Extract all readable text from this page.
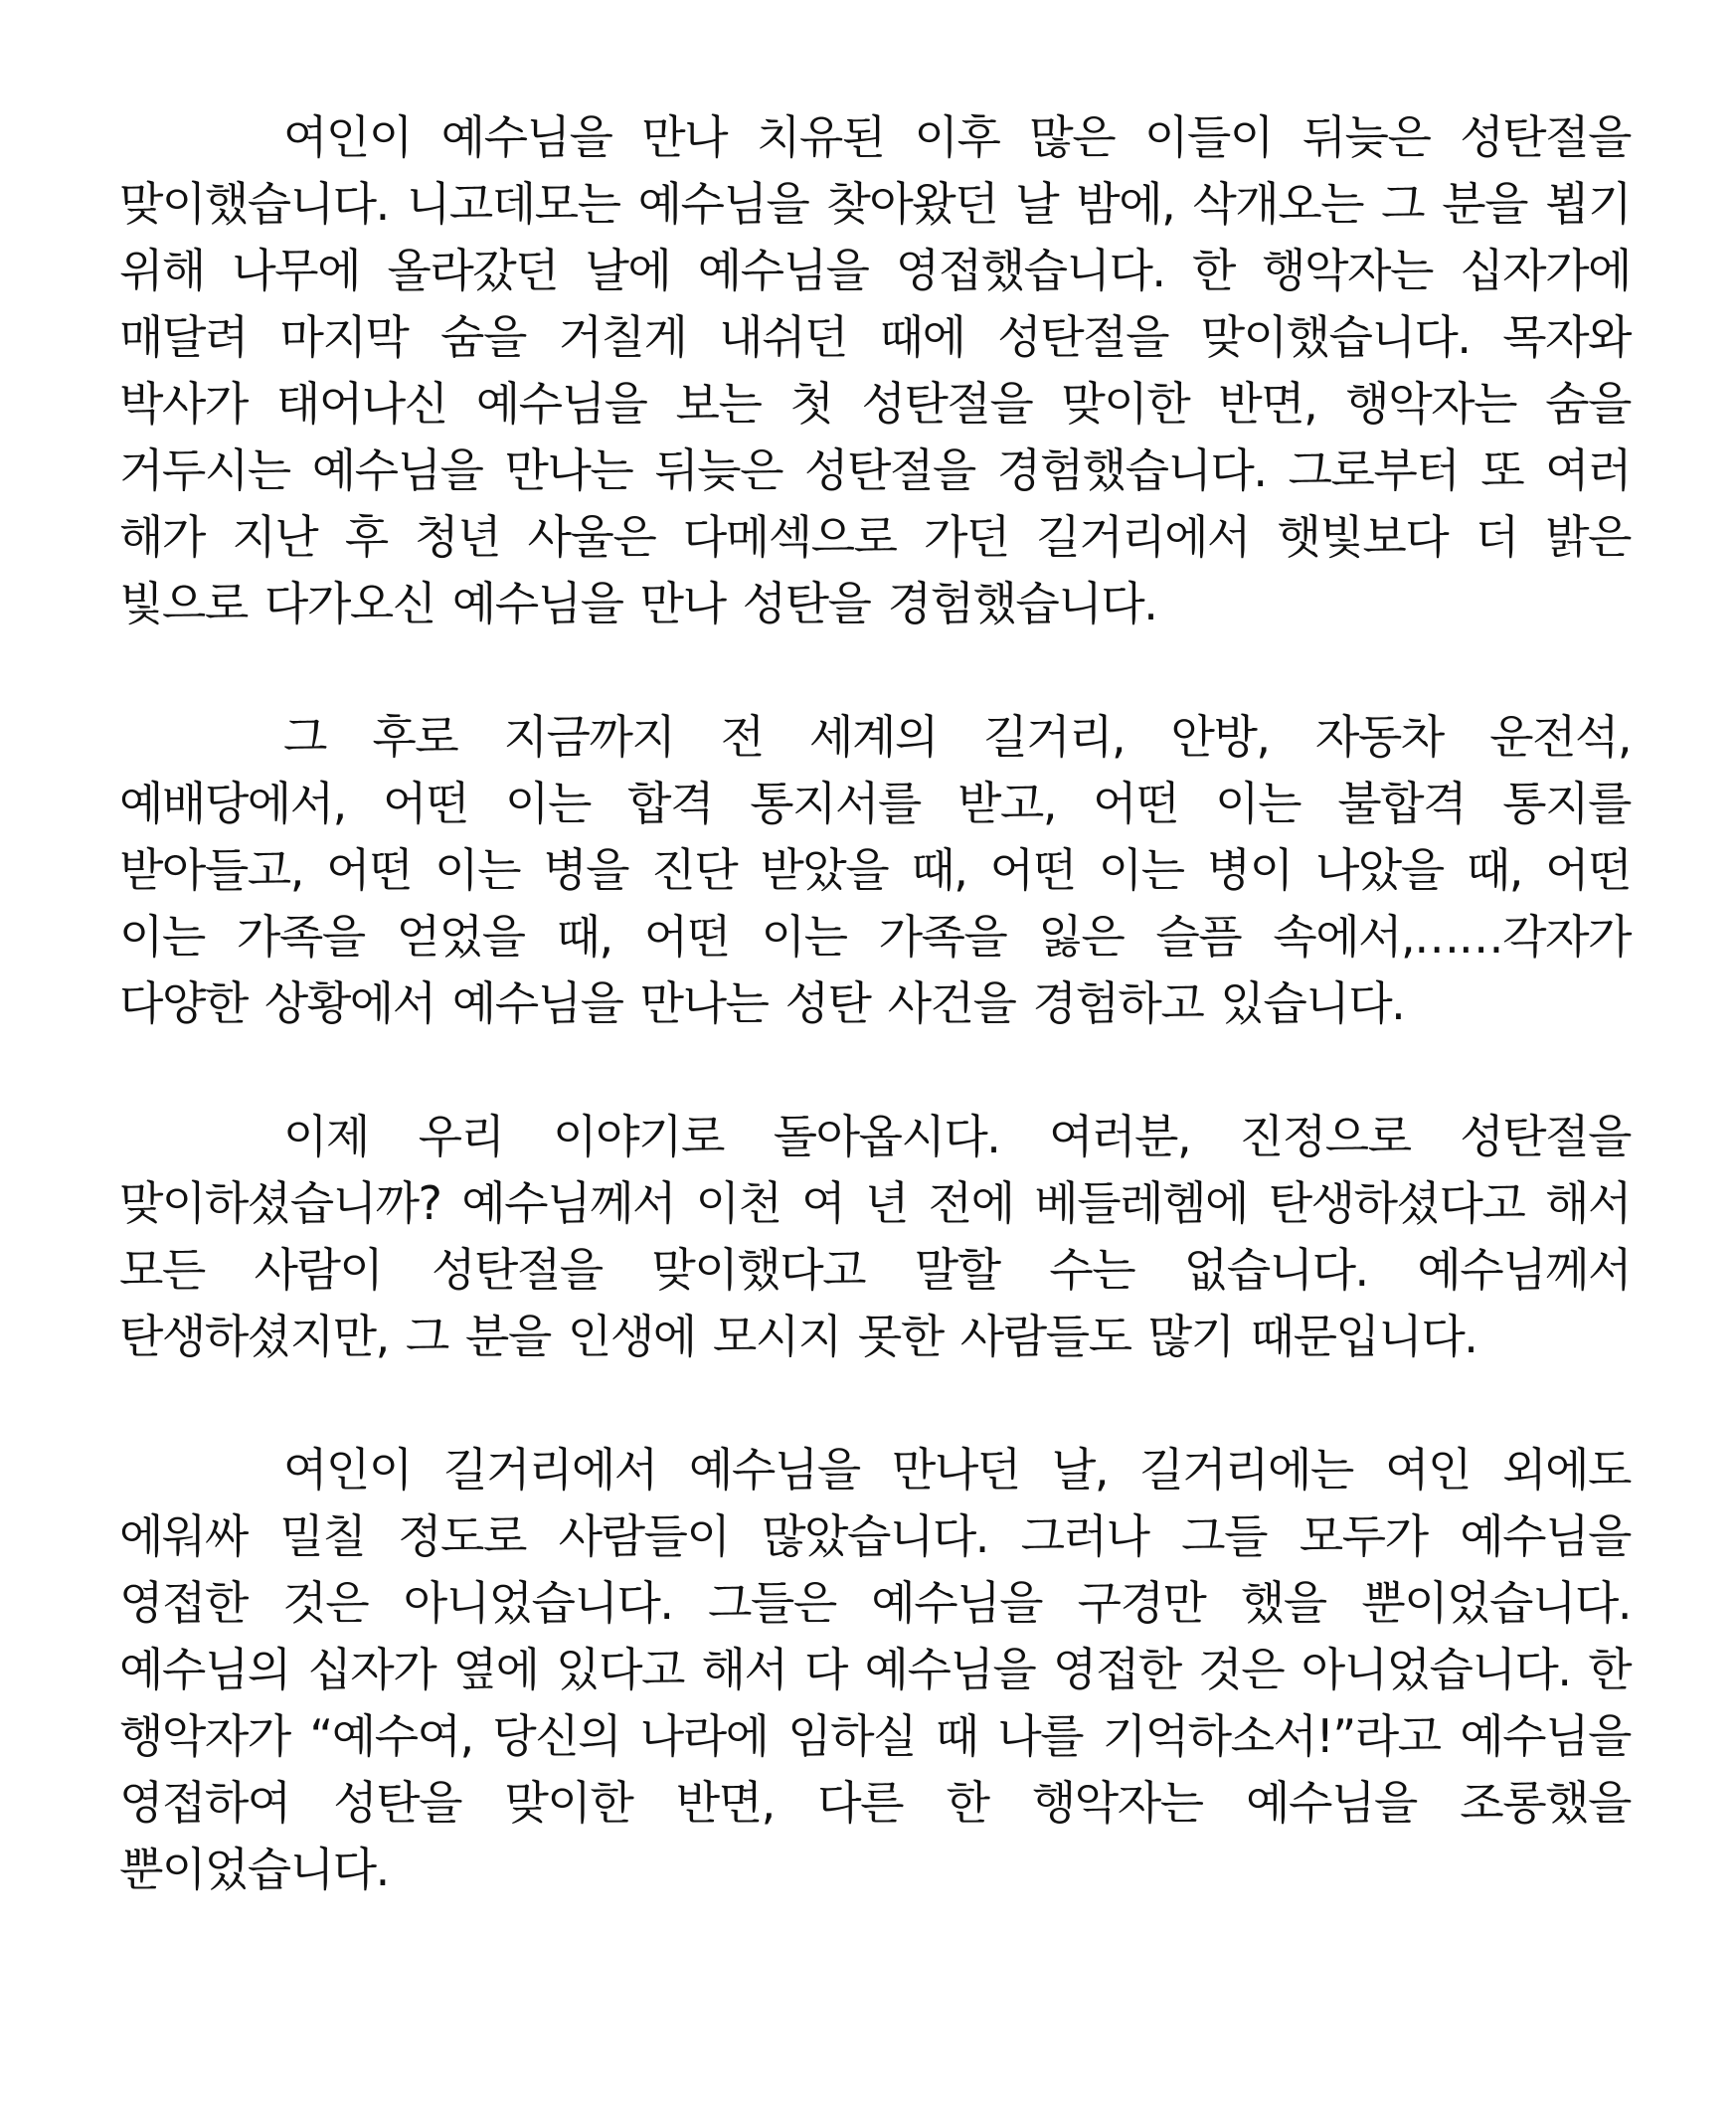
여인이 예수님을 만나 치유된 이후 많은 이들이 뒤늦은 성탄절을 맞이했습니다. 니고데모는 예수님을 찾아왔던 날 밤에, 삭개오는 그 분을 뵙기 위해 나무에 올라갔던 날에 예수님을 영접했습니다. 한 행악자는 십자가에 매달려 마지막 숨을 거칠게 내쉬던 때에 성탄절을 맞이했습니다. 목자와 박사가 태어나신 예수님을 보는 첫 성탄절을 맞이한 반면, 행악자는 숨을 거두시는 예수님을 만나는 뒤늦은 성탄절을 경험했습니다. 그로부터 또 여러 해가 지난 후 청년 사울은 다메섹으로 가던 길거리에서 햇빛보다 더 밝은 빛으로 다가오신 예수님을 만나 성탄을 경험했습니다.

그 후로 지금까지 전 세계의 길거리, 안방, 자동차 운전석, 예배당에서, 어떤 이는 합격 통지서를 받고, 어떤 이는 불합격 통지를 받아들고, 어떤 이는 병을 진단 받았을 때, 어떤 이는 병이 나았을 때, 어떤 이는 가족을 얻었을 때, 어떤 이는 가족을 잃은 슬픔 속에서,……각자가 다양한 상황에서 예수님을 만나는 성탄 사건을 경험하고 있습니다.

이제 우리 이야기로 돌아옵시다. 여러분, 진정으로 성탄절을 맞이하셨습니까? 예수님께서 이천 여 년 전에 베들레헴에 탄생하셨다고 해서 모든 사람이 성탄절을 맞이했다고 말할 수는 없습니다. 예수님께서 탄생하셨지만, 그 분을 인생에 모시지 못한 사람들도 많기 때문입니다.

여인이 길거리에서 예수님을 만나던 날, 길거리에는 여인 외에도 에워싸 밀칠 정도로 사람들이 많았습니다. 그러나 그들 모두가 예수님을 영접한 것은 아니었습니다. 그들은 예수님을 구경만 했을 뿐이었습니다. 예수님의 십자가 옆에 있다고 해서 다 예수님을 영접한 것은 아니었습니다. 한 행악자가 “예수여, 당신의 나라에 임하실 때 나를 기억하소서!”라고 예수님을 영접하여 성탄을 맞이한 반면, 다른 한 행악자는 예수님을 조롱했을 뿐이었습니다.
